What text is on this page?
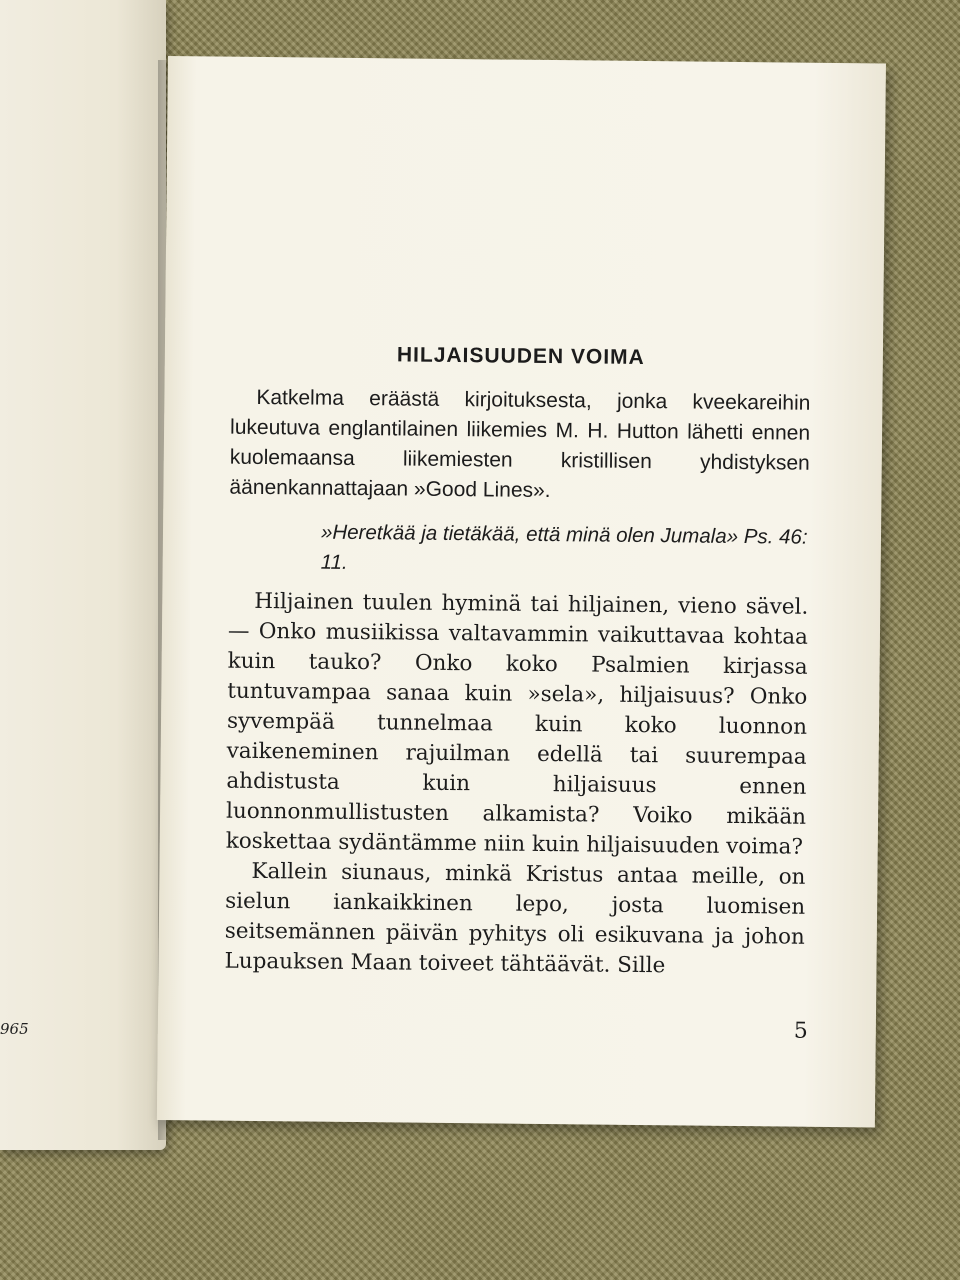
965
HILJAISUUDEN VOIMA

Katkelma eräästä kirjoituksesta, jonka kveekareihin lukeutuva englantilainen liikemies M. H. Hutton lähetti ennen kuolemaansa liikemiesten kristillisen yhdistyksen äänenkannattajaan »Good Lines».

»Heretkää ja tietäkää, että minä olen Jumala» Ps. 46: 11.

Hiljainen tuulen hyminä tai hiljainen, vieno sävel. — Onko musiikissa valtavammin vaikuttavaa kohtaa kuin tauko? Onko koko Psalmien kirjassa tuntuvampaa sanaa kuin »sela», hiljaisuus? Onko syvempää tunnelmaa kuin koko luonnon vaikeneminen rajuilman edellä tai suurempaa ahdistusta kuin hiljaisuus ennen luonnonmullistusten alkamista? Voiko mikään koskettaa sydäntämme niin kuin hiljaisuuden voima?

Kallein siunaus, minkä Kristus antaa meille, on sielun iankaikkinen lepo, josta luomisen seitsemännen päivän pyhitys oli esikuvana ja johon Lupauksen Maan toiveet tähtäävät. Sille

5
